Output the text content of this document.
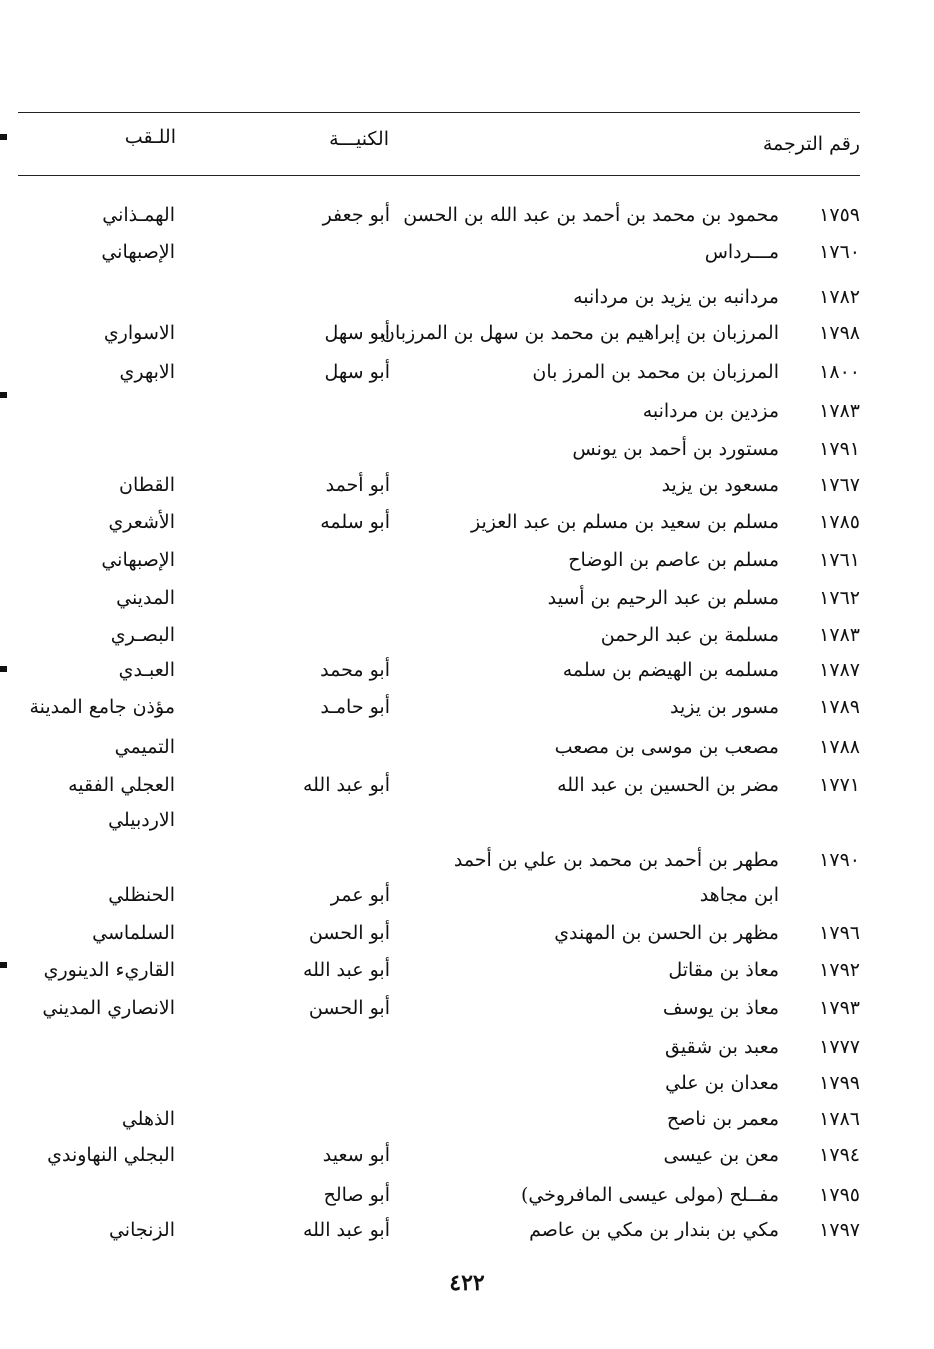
رقم الترجمة
الكنيـــة
اللـقب
١٧٥٩
محمود بن محمد بن أحمد بن عبد الله بن الحسن
أبو جعفر
الهمـذاني
١٧٦٠
مـــرداس
الإصبهاني
١٧٨٢
مردانبه بن يزيد بن مردانبه
١٧٩٨
المرزبان بن إبراهيم بن محمد بن سهل بن المرزبان
أبو سهل
الاسواري
١٨٠٠
المرزبان بن محمد بن المرز بان
أبو سهل
الابهري
١٧٨٣
مزدين بن مردانبه
١٧٩١
مستورد بن أحمد بن يونس
١٧٦٧
مسعود بن يزيد
أبو أحمد
القطان
١٧٨٥
مسلم بن سعيد بن مسلم بن عبد العزيز
أبو سلمه
الأشعري
١٧٦١
مسلم بن عاصم بن الوضاح
الإصبهاني
١٧٦٢
مسلم بن عبد الرحيم بن أسيد
المديني
١٧٨٣
مسلمة بن عبد الرحمن
البصـري
١٧٨٧
مسلمه بن الهيضم بن سلمه
أبو محمد
العبـدي
١٧٨٩
مسور بن يزيد
أبو حامـد
مؤذن جامع المدينة
١٧٨٨
مصعب بن موسى بن مصعب
التميمي
١٧٧١
مضر بن الحسين بن عبد الله
أبو عبد الله
العجلي الفقيه
الاردبيلي
١٧٩٠
مطهر بن أحمد بن محمد بن علي بن أحمد
ابن مجاهد
أبو عمر
الحنظلي
١٧٩٦
مظهر بن الحسن بن المهندي
أبو الحسن
السلماسي
١٧٩٢
معاذ بن مقاتل
أبو عبد الله
القاريء الدينوري
١٧٩٣
معاذ بن يوسف
أبو الحسن
الانصاري المديني
١٧٧٧
معبد بن شقيق
١٧٩٩
معدان بن علي
١٧٨٦
معمر بن ناصح
الذهلي
١٧٩٤
معن بن عيسى
أبو سعيد
البجلي النهاوندي
١٧٩٥
مفــلح (مولى عيسى المافروخي)
أبو صالح
١٧٩٧
مكي بن بندار بن مكي بن عاصم
أبو عبد الله
الزنجاني
٤٢٢
